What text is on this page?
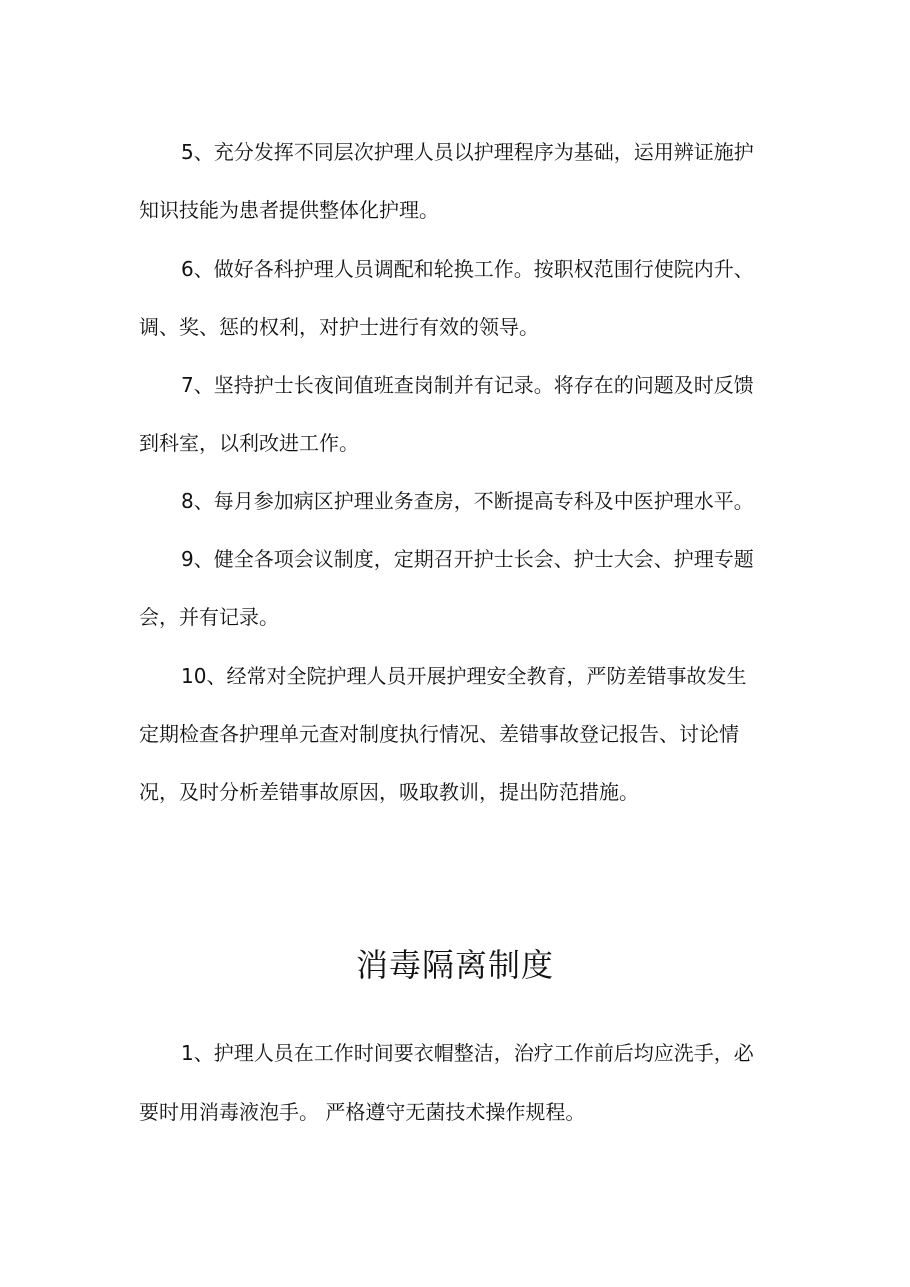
5、充分发挥不同层次护理人员以护理程序为基础，运用辨证施护
知识技能为患者提供整体化护理。
6、做好各科护理人员调配和轮换工作。按职权范围行使院内升、
调、奖、惩的权利，对护士进行有效的领导。
7、坚持护士长夜间值班查岗制并有记录。将存在的问题及时反馈
到科室，以利改进工作。
8、每月参加病区护理业务查房，不断提高专科及中医护理水平。
9、健全各项会议制度，定期召开护士长会、护士大会、护理专题
会，并有记录。
10、经常对全院护理人员开展护理安全教育，严防差错事故发生
定期检查各护理单元查对制度执行情况、差错事故登记报告、讨论情
况，及时分析差错事故原因，吸取教训，提出防范措施。
消毒隔离制度
1、护理人员在工作时间要衣帽整洁，治疗工作前后均应洗手，必
要时用消毒液泡手。 严格遵守无菌技术操作规程。
